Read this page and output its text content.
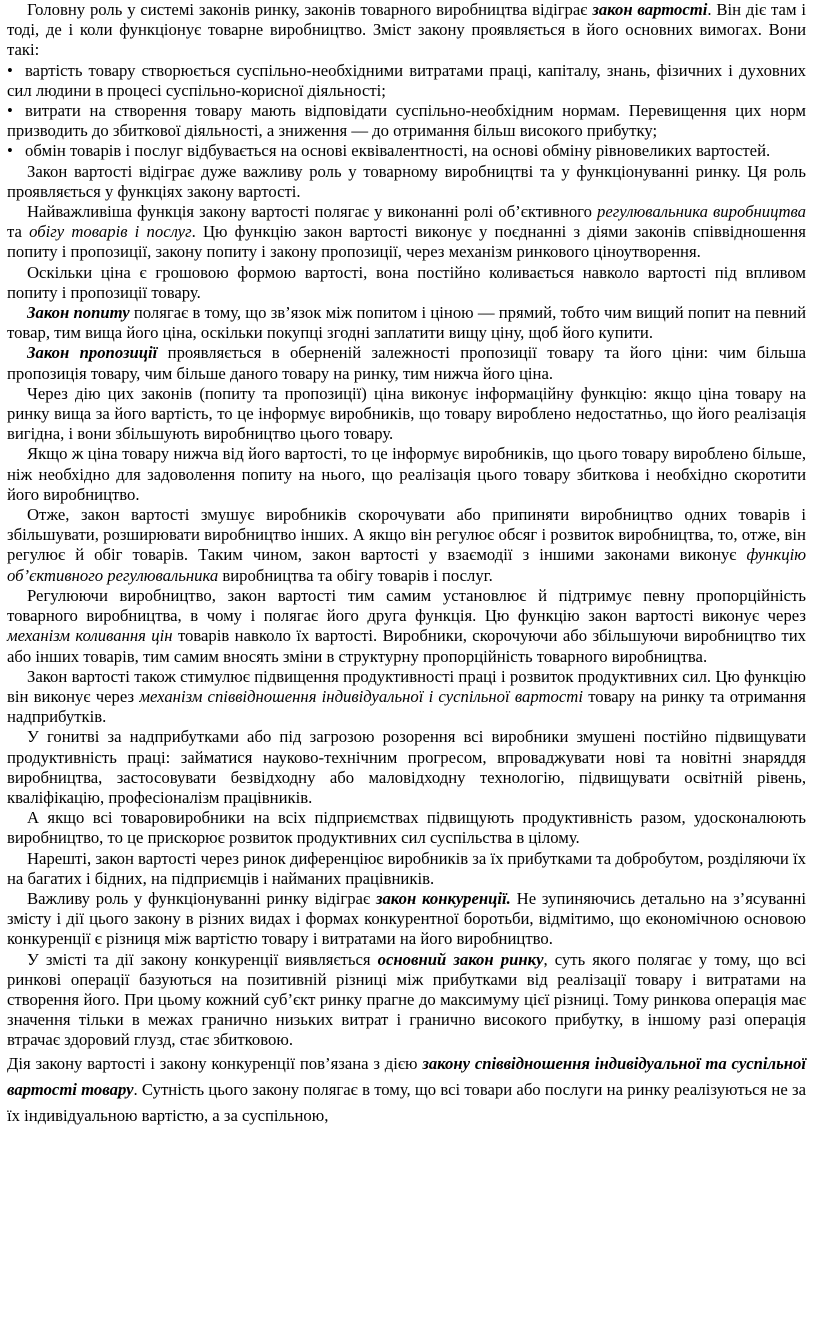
Головну роль у системі законів ринку, законів товарного виробництва відіграє закон вартості. Він діє там і тоді, де і коли функціонує товарне виробництво. Зміст закону проявляється в його основних вимогах. Вони такі:

• вартість товару створюється суспільно-необхідними витратами праці, капіталу, знань, фізичних і духовних сил людини в процесі суспільно-корисної діяльності;

• витрати на створення товару мають відповідати суспільно-необхідним нормам. Перевищення цих норм призводить до збиткової діяльності, а зниження — до отримання більш високого прибутку;

• обмін товарів і послуг відбувається на основі еквівалентності, на основі обміну рівновеликих вартостей.

Закон вартості відіграє дуже важливу роль у товарному виробництві та у функціонуванні ринку. Ця роль проявляється у функціях закону вартості.

Найважливіша функція закону вартості полягає у виконанні ролі об’єктивного регулювальника виробництва та обігу товарів і послуг. Цю функцію закон вартості виконує у поєднанні з діями законів співвідношення попиту і пропозиції, закону попиту і закону пропозиції, через механізм ринкового ціноутворення.

Оскільки ціна є грошовою формою вартості, вона постійно коливається навколо вартості під впливом попиту і пропозиції товару.

Закон попиту полягає в тому, що зв’язок між попитом і ціною — прямий, тобто чим вищий попит на певний товар, тим вища його ціна, оскільки покупці згодні заплатити вищу ціну, щоб його купити.

Закон пропозиції проявляється в оберненій залежності пропозиції товару та його ціни: чим більша пропозиція товару, чим більше даного товару на ринку, тим нижча його ціна.

Через дію цих законів (попиту та пропозиції) ціна виконує інформаційну функцію: якщо ціна товару на ринку вища за його вартість, то це інформує виробників, що товару вироблено недостатньо, що його реалізація вигідна, і вони збільшують виробництво цього товару.

Якщо ж ціна товару нижча від його вартості, то це інформує виробників, що цього товару вироблено більше, ніж необхідно для задоволення попиту на нього, що реалізація цього товару збиткова і необхідно скоротити його виробництво.

Отже, закон вартості змушує виробників скорочувати або припиняти виробництво одних товарів і збільшувати, розширювати виробництво інших. А якщо він регулює обсяг і розвиток виробництва, то, отже, він регулює й обіг товарів. Таким чином, закон вартості у взаємодії з іншими законами виконує функцію об’єктивного регулювальника виробництва та обігу товарів і послуг.

Регулюючи виробництво, закон вартості тим самим установлює й підтримує певну пропорційність товарного виробництва, в чому і полягає його друга функція. Цю функцію закон вартості виконує через механізм коливання цін товарів навколо їх вартості. Виробники, скорочуючи або збільшуючи виробництво тих або інших товарів, тим самим вносять зміни в структурну пропорційність товарного виробництва.

Закон вартості також стимулює підвищення продуктивності праці і розвиток продуктивних сил. Цю функцію він виконує через механізм співвідношення індивідуальної і суспільної вартості товару на ринку та отримання надприбутків.

У гонитві за надприбутками або під загрозою розорення всі виробники змушені постійно підвищувати продуктивність праці: займатися науково-технічним прогресом, впроваджувати нові та новітні знаряддя виробництва, застосовувати безвідходну або маловідходну технологію, підвищувати освітній рівень, кваліфікацію, професіоналізм працівників.

А якщо всі товаровиробники на всіх підприємствах підвищують продуктивність разом, удосконалюють виробництво, то це прискорює розвиток продуктивних сил суспільства в цілому.

Нарешті, закон вартості через ринок диференціює виробників за їх прибутками та добробутом, розділяючи їх на багатих і бідних, на підприємців і найманих працівників.

Важливу роль у функціонуванні ринку відіграє закон конкуренції. Не зупиняючись детально на з’ясуванні змісту і дії цього закону в різних видах і формах конкурентної боротьби, відмітимо, що економічною основою конкуренції є різниця між вартістю товару і витратами на його виробництво.

У змісті та дії закону конкуренції виявляється основний закон ринку, суть якого полягає у тому, що всі ринкові операції базуються на позитивній різниці між прибутками від реалізації товару і витратами на створення його. При цьому кожний суб’єкт ринку прагне до максимуму цієї різниці. Тому ринкова операція має значення тільки в межах гранично низьких витрат і гранично високого прибутку, в іншому разі операція втрачає здоровий глузд, стає збитковою.

Дія закону вартості і закону конкуренції пов’язана з дією закону співвідношення індивідуальної та суспільної вартості товару. Сутність цього закону полягає в тому, що всі товари або послуги на ринку реалізуються не за їх індивідуальною вартістю, а за суспільною,
